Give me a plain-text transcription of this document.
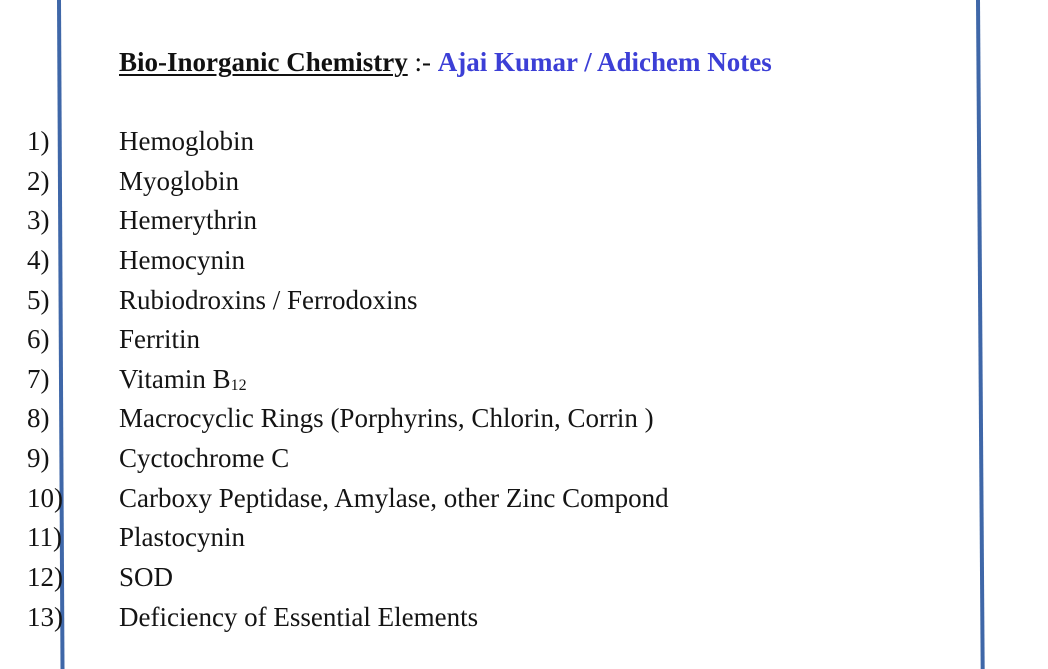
Bio-Inorganic Chemistry :- Ajai Kumar / Adichem Notes
1)	Hemoglobin
2)	Myoglobin
3)	Hemerythrin
4)	Hemocynin
5)	Rubiodroxins / Ferrodoxins
6)	Ferritin
7)	Vitamin B12
8)	Macrocyclic Rings (Porphyrins, Chlorin, Corrin )
9)	Cyctochrome C
10) Carboxy Peptidase, Amylase, other Zinc Compond
11) Plastocynin
12) SOD
13) Deficiency of Essential Elements
